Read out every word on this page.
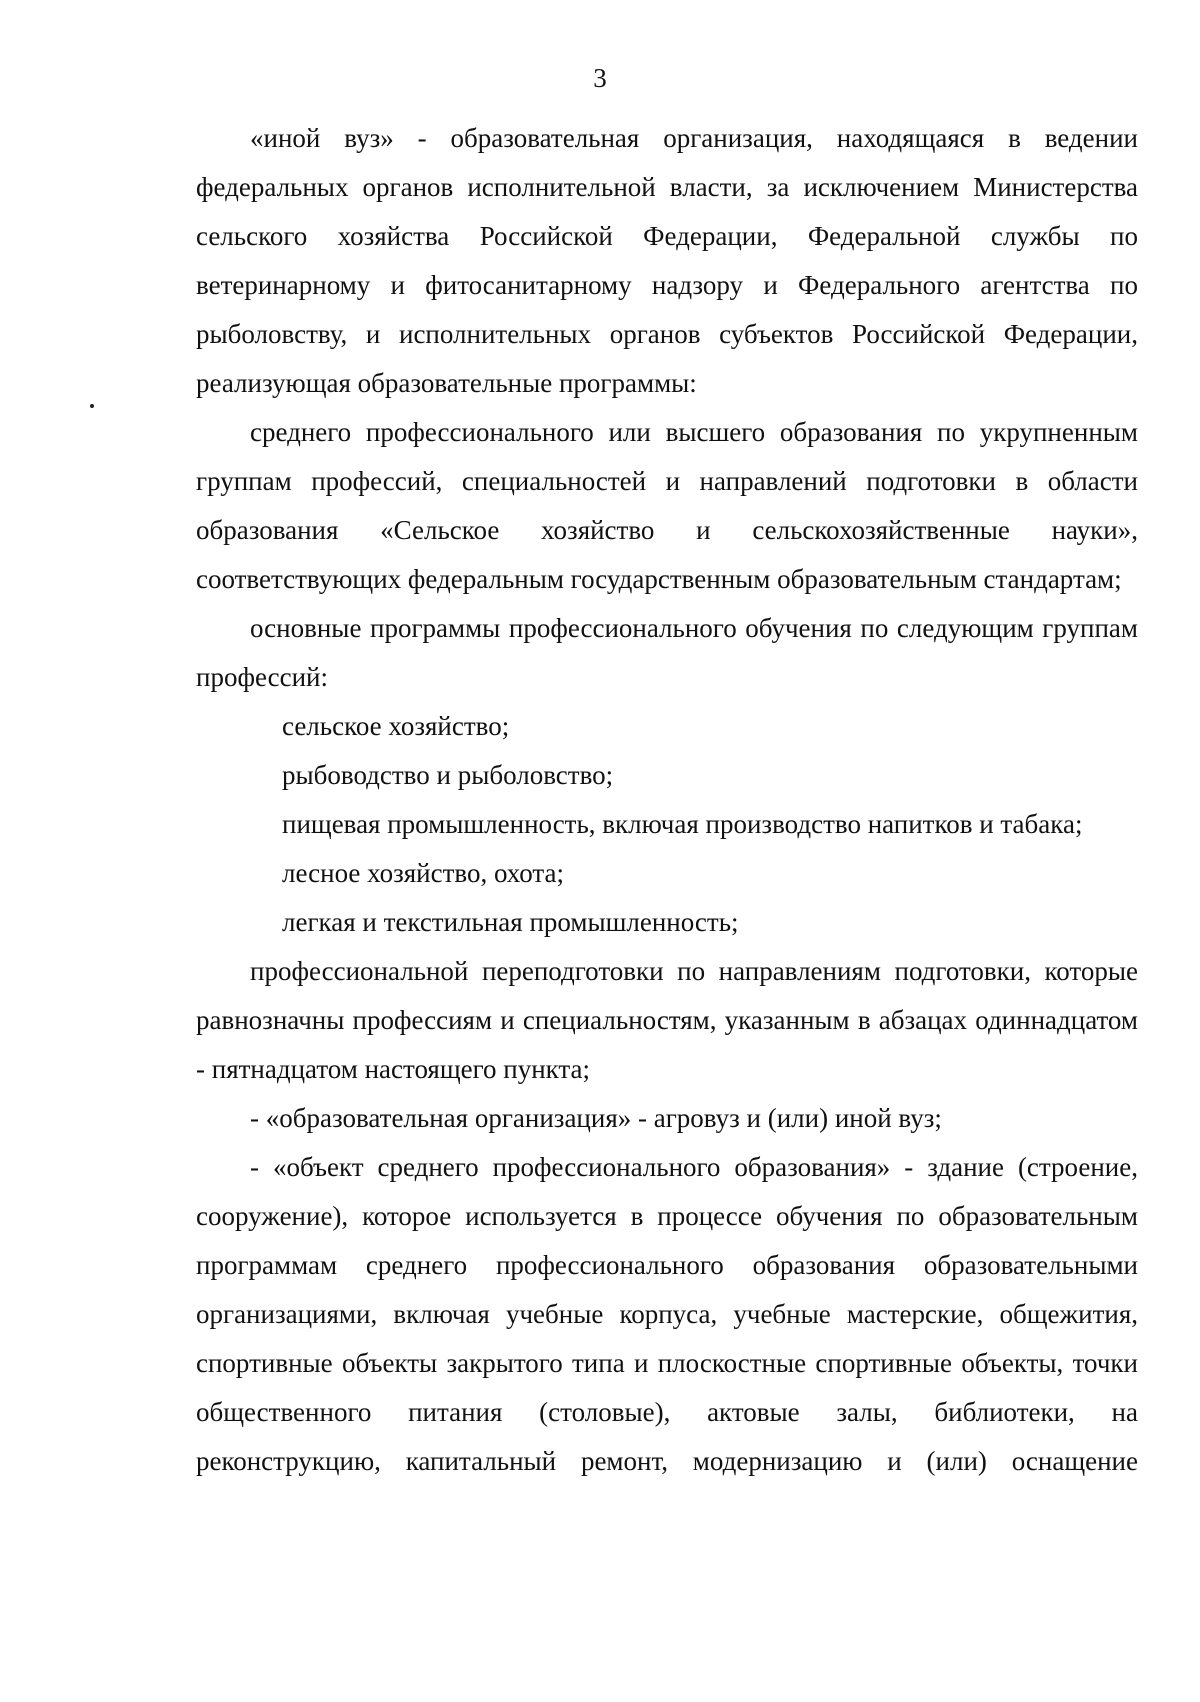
3

«иной вуз» - образовательная организация, находящаяся в ведении федеральных органов исполнительной власти, за исключением Министерства сельского хозяйства Российской Федерации, Федеральной службы по ветеринарному и фитосанитарному надзору и Федерального агентства по рыболовству, и исполнительных органов субъектов Российской Федерации, реализующая образовательные программы:

среднего профессионального или высшего образования по укрупненным группам профессий, специальностей и направлений подготовки в области образования «Сельское хозяйство и сельскохозяйственные науки», соответствующих федеральным государственным образовательным стандартам;

основные программы профессионального обучения по следующим группам профессий:

сельское хозяйство;

рыбоводство и рыболовство;

пищевая промышленность, включая производство напитков и табака;

лесное хозяйство, охота;

легкая и текстильная промышленность;

профессиональной переподготовки по направлениям подготовки, которые равнозначны профессиям и специальностям, указанным в абзацах одиннадцатом - пятнадцатом настоящего пункта;

- «образовательная организация» - агровуз и (или) иной вуз;

- «объект среднего профессионального образования» - здание (строение, сооружение), которое используется в процессе обучения по образовательным программам среднего профессионального образования образовательными организациями, включая учебные корпуса, учебные мастерские, общежития, спортивные объекты закрытого типа и плоскостные спортивные объекты, точки общественного питания (столовые), актовые залы, библиотеки, на реконструкцию, капитальный ремонт, модернизацию и (или) оснащение
